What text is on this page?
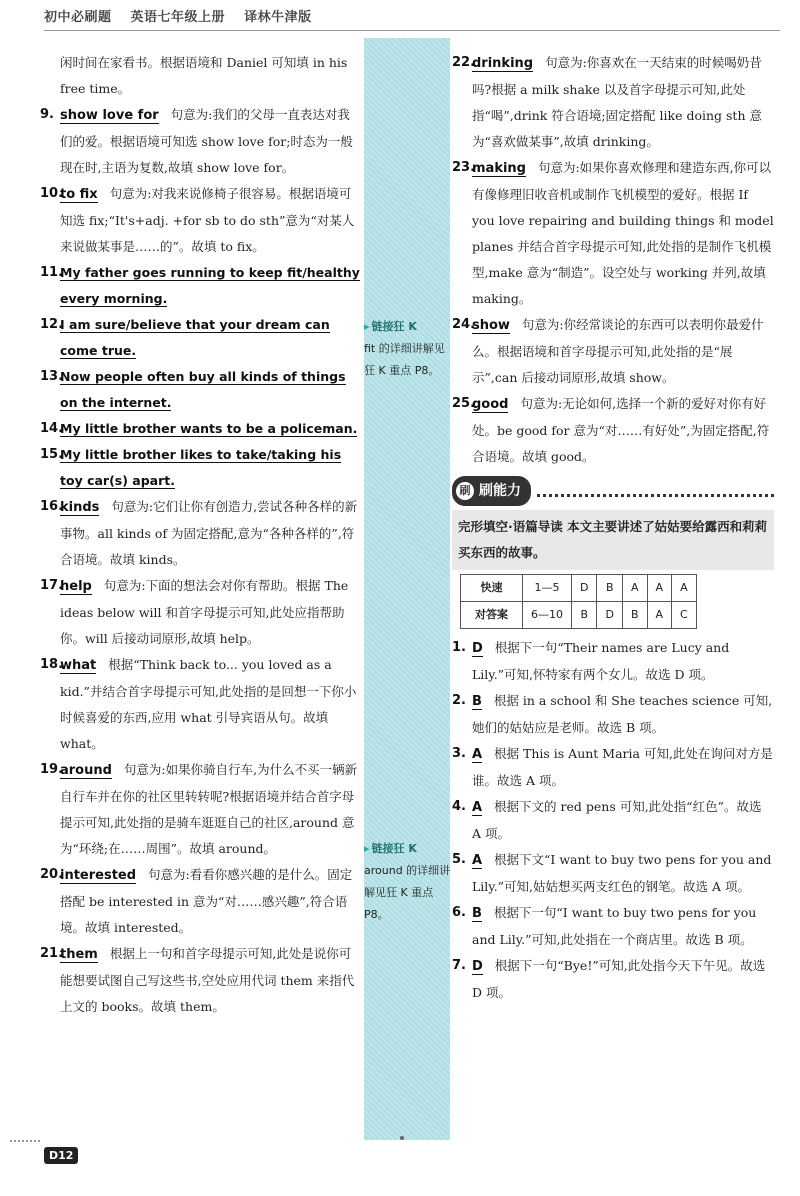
初中必刷题 英语七年级上册 译林牛津版
闲时间在家看书。根据语境和 Daniel 可知填 in his free time。
9. show love for 句意为:我们的父母一直表达对我们的爱。根据语境可知选 show love for;时态为一般现在时,主语为复数,故填 show love for。
10.
to fix 句意为:对我来说修椅子很容易。根据语境可知选 fix;“It's+adj. +for sb to do sth”意为“对某人来说做某事是……的”。故填 to fix。
11.
My father goes running to keep fit/healthy every morning.
12.
I am sure/believe that your dream can come true.
13.
Now people often buy all kinds of things on the internet.
14.
My little brother wants to be a policeman.
15.
My little brother likes to take/taking his toy car(s) apart.
16.
kinds 句意为:它们让你有创造力,尝试各种各样的新事物。all kinds of 为固定搭配,意为“各种各样的”,符合语境。故填 kinds。
17.
help 句意为:下面的想法会对你有帮助。根据 The ideas below will 和首字母提示可知,此处应指帮助你。will 后接动词原形,故填 help。
18.
what 根据“Think back to... you loved as a kid.”并结合首字母提示可知,此处指的是回想一下你小时候喜爱的东西,应用 what 引导宾语从句。故填 what。
19.
around 句意为:如果你骑自行车,为什么不买一辆新自行车并在你的社区里转转呢?根据语境并结合首字母提示可知,此处指的是骑车逛逛自己的社区,around 意为“环绕;在……周围”。故填 around。
20.
interested 句意为:看看你感兴趣的是什么。固定搭配 be interested in 意为“对……感兴趣”,符合语境。故填 interested。
21.
them 根据上一句和首字母提示可知,此处是说你可能想要试图自己写这些书,空处应用代词 them 来指代上文的 books。故填 them。
▸ 链接狂 K
fit 的详细讲解见狂 K 重点 P8。
▸ 链接狂 K
around 的详细讲解见狂 K 重点 P8。
22.
drinking 句意为:你喜欢在一天结束的时候喝奶昔吗?根据 a milk shake 以及首字母提示可知,此处指“喝”,drink 符合语境;固定搭配 like doing sth 意为“喜欢做某事”,故填 drinking。
23.
making 句意为:如果你喜欢修理和建造东西,你可以有像修理旧收音机或制作飞机模型的爱好。根据 If you love repairing and building things 和 model planes 并结合首字母提示可知,此处指的是制作飞机模型,make 意为“制造”。设空处与 working 并列,故填 making。
24.
show 句意为:你经常谈论的东西可以表明你最爱什么。根据语境和首字母提示可知,此处指的是“展示”,can 后接动词原形,故填 show。
25.
good 句意为:无论如何,选择一个新的爱好对你有好处。be good for 意为“对……有好处”,为固定搭配,符合语境。故填 good。
刷 刷能力
完形填空·语篇导读 本文主要讲述了姑姑要给露西和莉莉买东西的故事。
快速	1—5	D	B	A	A	A
对答案	6—10	B	D	B	A	C
1. D 根据下一句“Their names are Lucy and Lily.”可知,怀特家有两个女儿。故选 D 项。
2. B 根据 in a school 和 She teaches science 可知,她们的姑姑应是老师。故选 B 项。
3. A 根据 This is Aunt Maria 可知,此处在询问对方是谁。故选 A 项。
4. A 根据下文的 red pens 可知,此处指“红色”。故选 A 项。
5. A 根据下文“I want to buy two pens for you and Lily.”可知,姑姑想买两支红色的钢笔。故选 A 项。
6. B 根据下一句“I want to buy two pens for you and Lily.”可知,此处指在一个商店里。故选 B 项。
7. D 根据下一句“Bye!”可知,此处指今天下午见。故选 D 项。
D12
